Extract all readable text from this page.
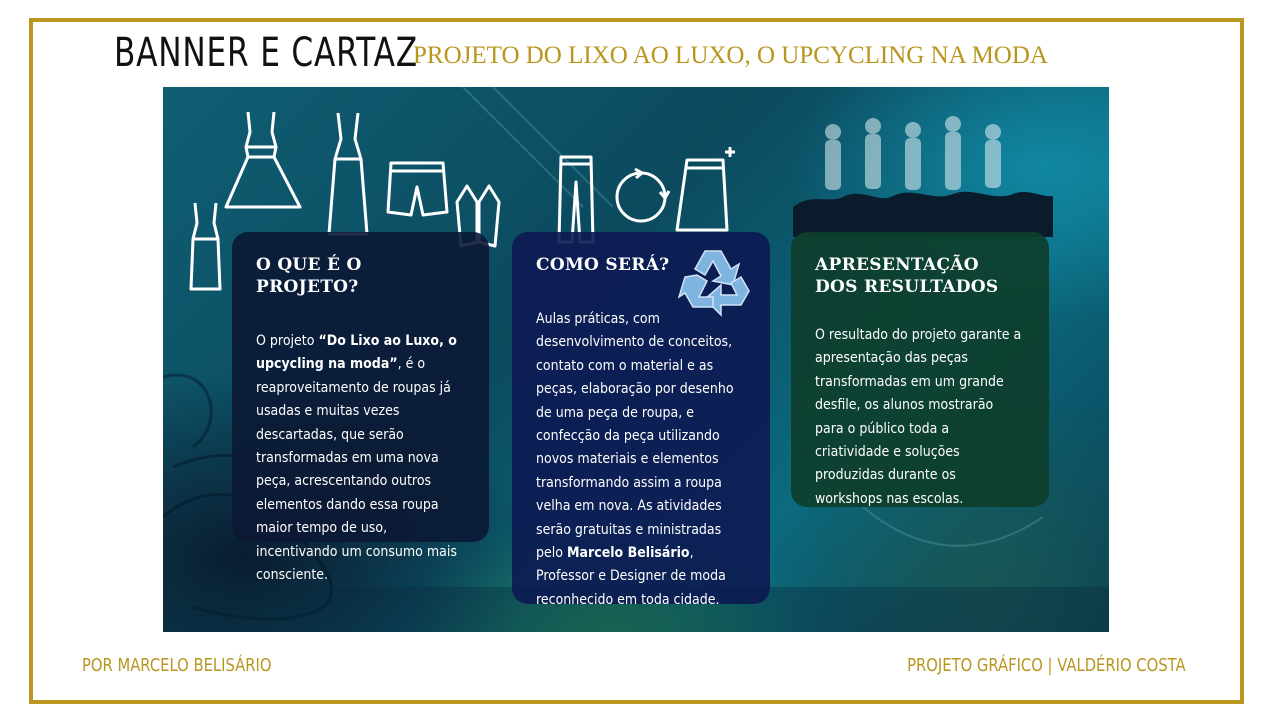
BANNER E CARTAZ
PROJETO DO LIXO AO LUXO, O UPCYCLING NA MODA
O QUE É O PROJETO?

O projeto “Do Lixo ao Luxo, o upcycling na moda”, é o reaproveitamento de roupas já usadas e muitas vezes descartadas, que serão transformadas em uma nova peça, acrescentando outros elementos dando essa roupa maior tempo de uso, incentivando um consumo mais consciente.

COMO SERÁ?

Aulas práticas, com desenvolvimento de conceitos, contato com o material e as peças, elaboração por desenho de uma peça de roupa, e confecção da peça utilizando novos materiais e elementos transformando assim a roupa velha em nova. As atividades serão gratuitas e ministradas pelo Marcelo Belisário, Professor e Designer de moda reconhecido em toda cidade.

APRESENTAÇÃO DOS RESULTADOS

O resultado do projeto garante a apresentação das peças transformadas em um grande desfile, os alunos mostrarão para o público toda a criatividade e soluções produzidas durante os workshops nas escolas.

POR MARCELO BELISÁRIO	PROJETO GRÁFICO | VALDÉRIO COSTA
